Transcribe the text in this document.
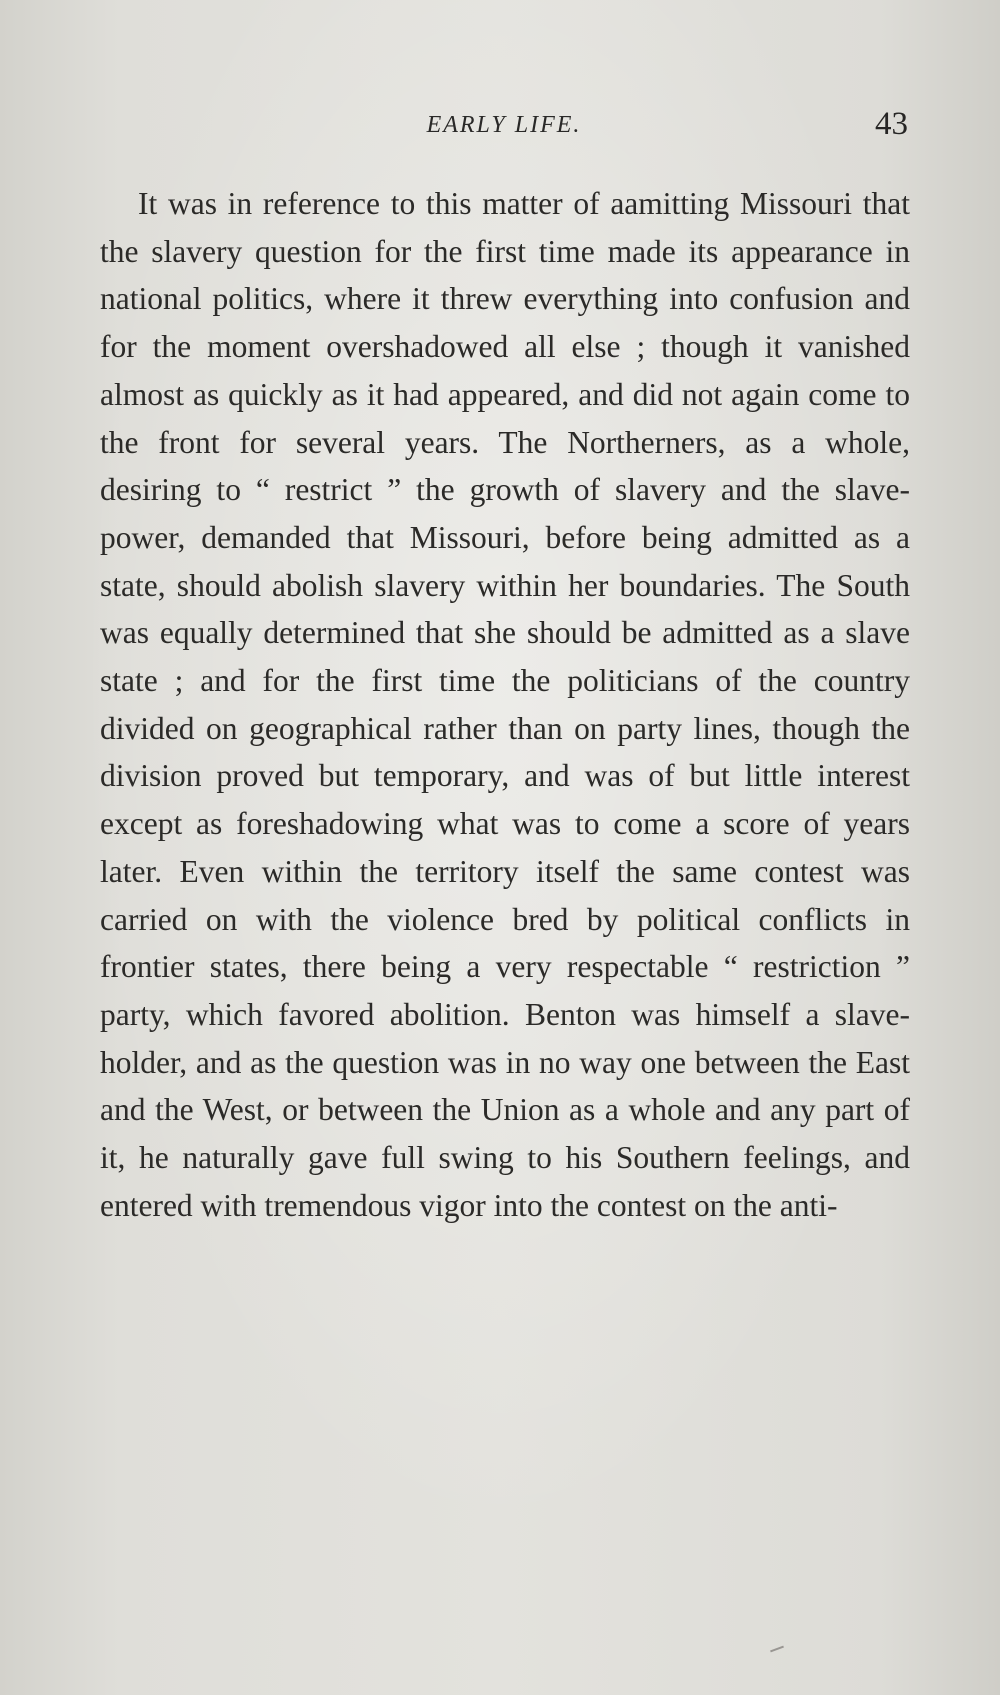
EARLY LIFE.	43

It was in reference to this matter of aamitting Missouri that the slavery question for the first time made its appearance in national politics, where it threw everything into confusion and for the moment overshadowed all else ; though it vanished almost as quickly as it had appeared, and did not again come to the front for several years. The Northerners, as a whole, desiring to “ restrict ” the growth of slavery and the slave-power, demanded that Missouri, before being admitted as a state, should abolish slavery within her boundaries. The South was equally determined that she should be admitted as a slave state ; and for the first time the politicians of the country divided on geographical rather than on party lines, though the division proved but temporary, and was of but little interest except as foreshadowing what was to come a score of years later. Even within the territory itself the same contest was carried on with the violence bred by political conflicts in frontier states, there being a very respectable “ restriction ” party, which favored abolition. Benton was himself a slave-holder, and as the question was in no way one between the East and the West, or between the Union as a whole and any part of it, he naturally gave full swing to his Southern feelings, and entered with tremendous vigor into the contest on the anti-
